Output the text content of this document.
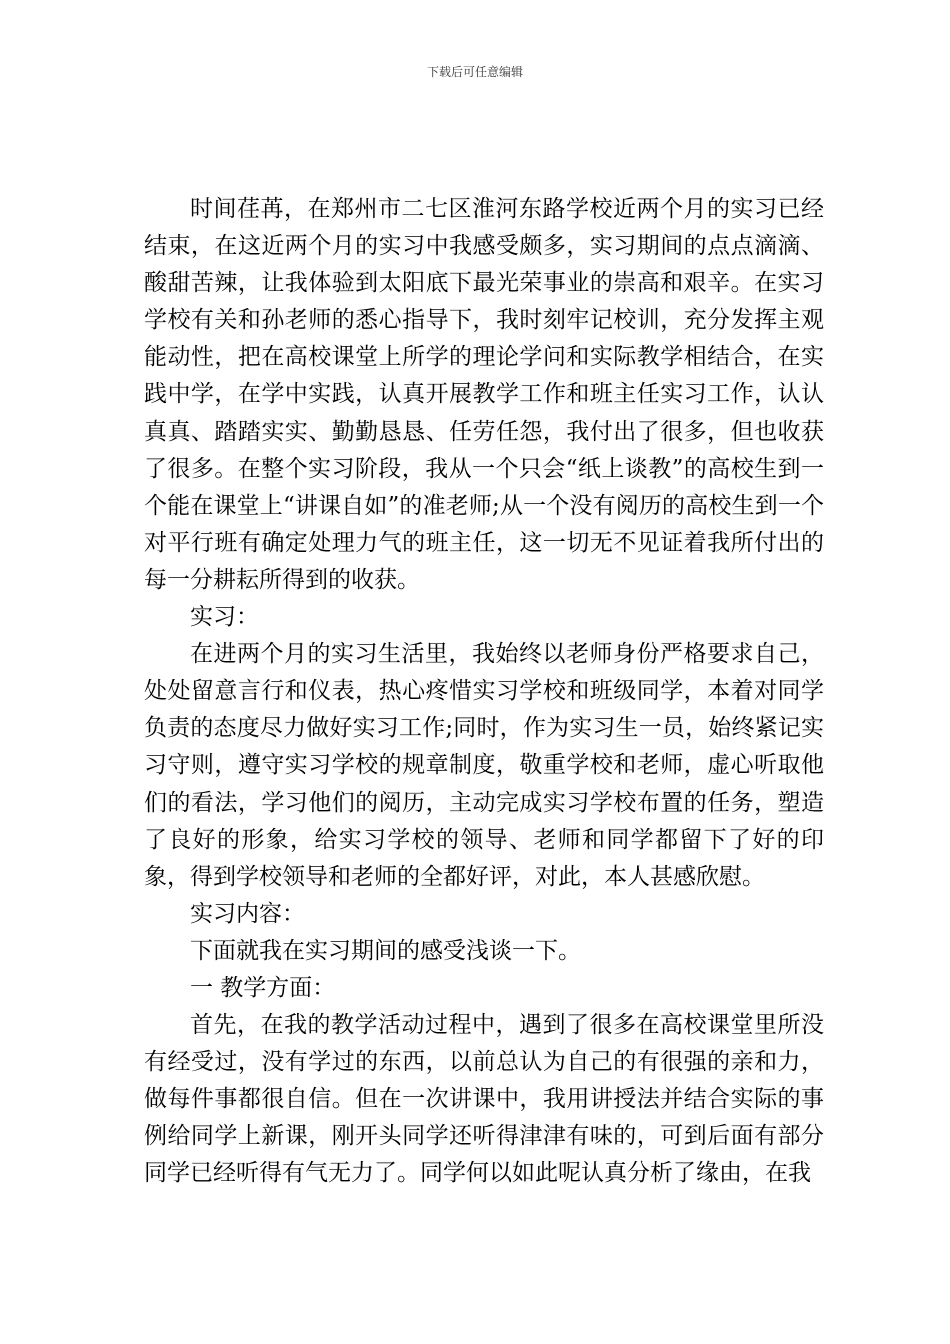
下载后可任意编辑

时间荏苒，在郑州市二七区淮河东路学校近两个月的实习已经结束，在这近两个月的实习中我感受颇多，实习期间的点点滴滴、酸甜苦辣，让我体验到太阳底下最光荣事业的崇高和艰辛。在实习学校有关和孙老师的悉心指导下，我时刻牢记校训，充分发挥主观能动性，把在高校课堂上所学的理论学问和实际教学相结合，在实践中学，在学中实践，认真开展教学工作和班主任实习工作，认认真真、踏踏实实、勤勤恳恳、任劳任怨，我付出了很多，但也收获了很多。在整个实习阶段，我从一个只会“纸上谈教”的高校生到一个能在课堂上“讲课自如”的准老师;从一个没有阅历的高校生到一个对平行班有确定处理力气的班主任，这一切无不见证着我所付出的每一分耕耘所得到的收获。

实习：

在进两个月的实习生活里，我始终以老师身份严格要求自己，处处留意言行和仪表，热心疼惜实习学校和班级同学，本着对同学负责的态度尽力做好实习工作;同时，作为实习生一员，始终紧记实习守则，遵守实习学校的规章制度，敬重学校和老师，虚心听取他们的看法，学习他们的阅历，主动完成实习学校布置的任务，塑造了良好的形象，给实习学校的领导、老师和同学都留下了好的印象，得到学校领导和老师的全都好评，对此，本人甚感欣慰。

实习内容：

下面就我在实习期间的感受浅谈一下。

一 教学方面：

首先，在我的教学活动过程中，遇到了很多在高校课堂里所没有经受过，没有学过的东西，以前总认为自己的有很强的亲和力，做每件事都很自信。但在一次讲课中，我用讲授法并结合实际的事例给同学上新课，刚开头同学还听得津津有味的，可到后面有部分同学已经听得有气无力了。同学何以如此呢认真分析了缘由，在我
